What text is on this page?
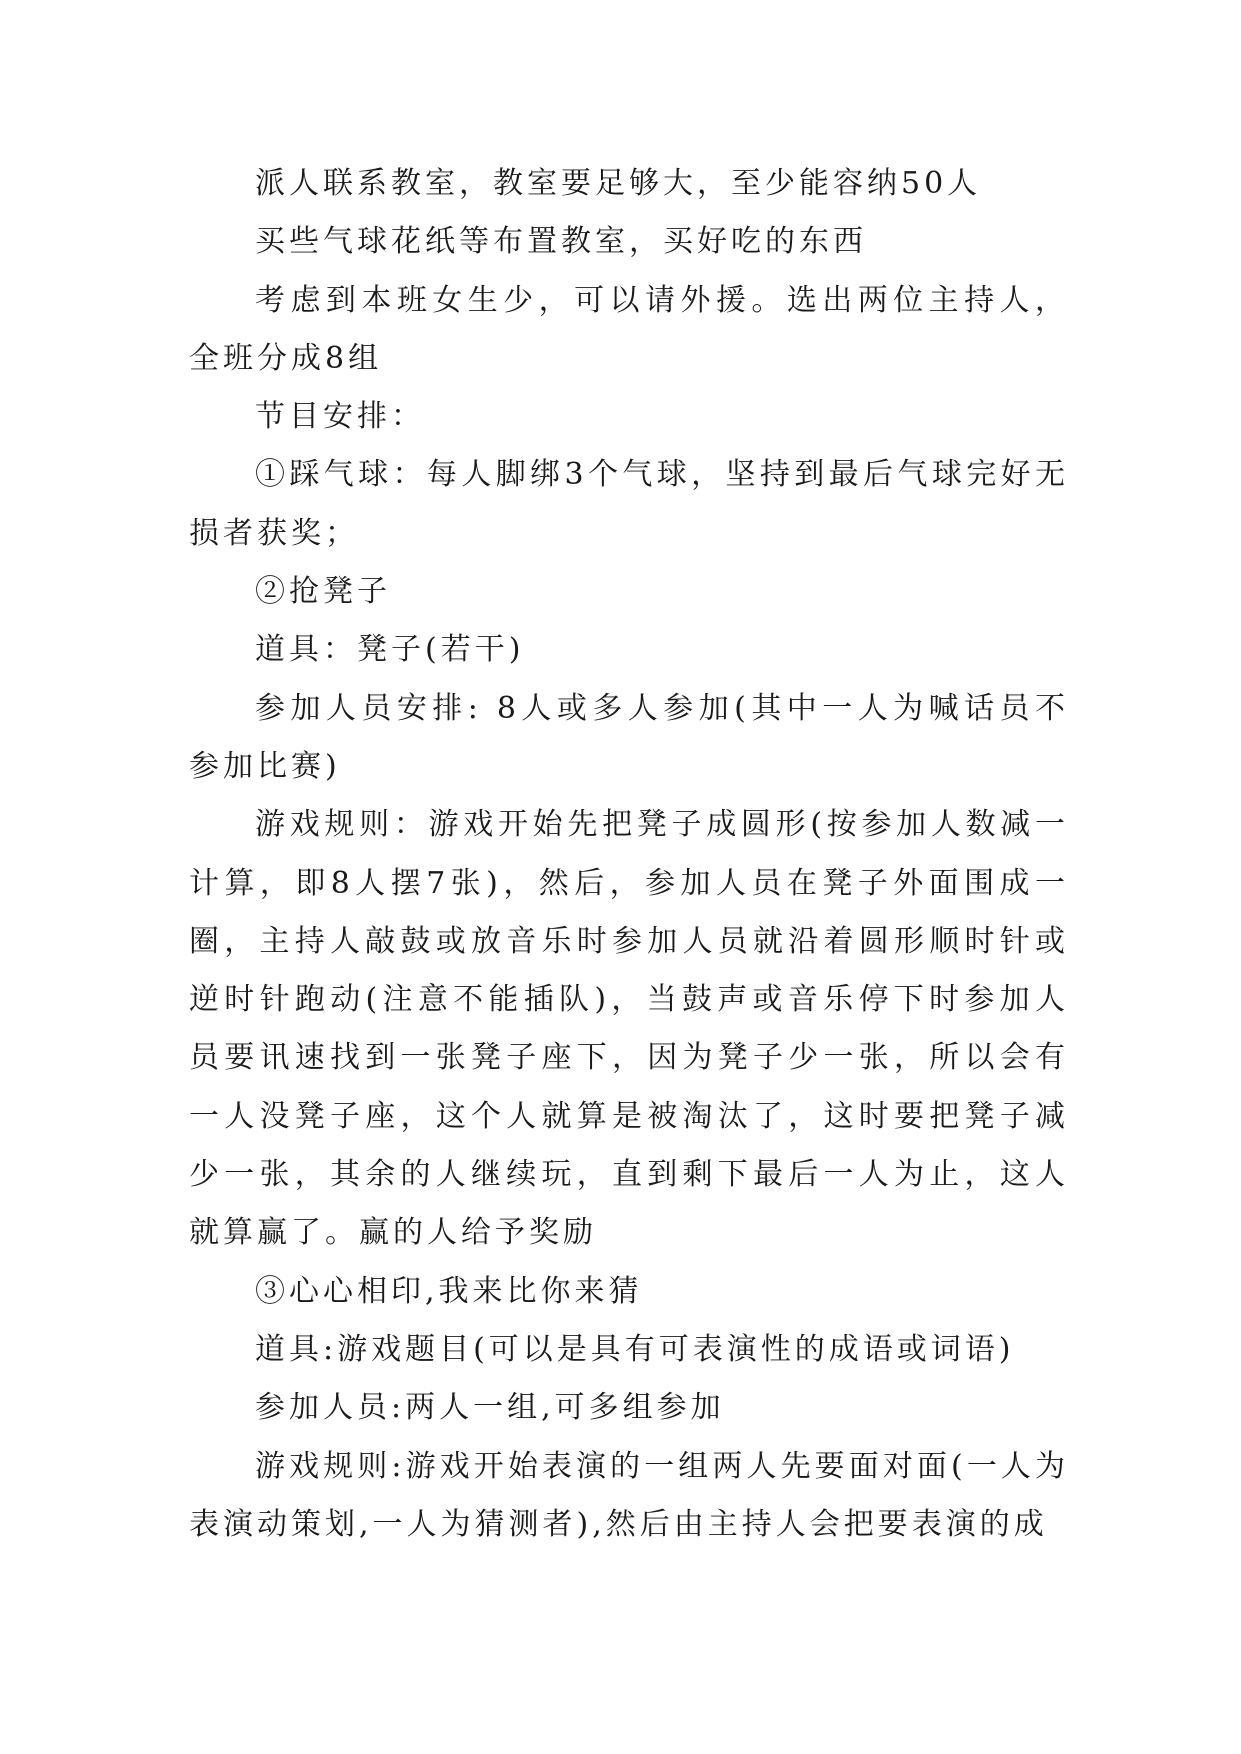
派人联系教室，教室要足够大，至少能容纳50人

买些气球花纸等布置教室，买好吃的东西

考虑到本班女生少，可以请外援。选出两位主持人，全班分成8组

节目安排：

①踩气球：每人脚绑3个气球，坚持到最后气球完好无损者获奖；

②抢凳子

道具：凳子(若干)

参加人员安排: 8人或多人参加(其中一人为喊话员不参加比赛)

游戏规则：游戏开始先把凳子成圆形(按参加人数减一计算，即8人摆7张)，然后，参加人员在凳子外面围成一圈，主持人敲鼓或放音乐时参加人员就沿着圆形顺时针或逆时针跑动(注意不能插队)，当鼓声或音乐停下时参加人员要讯速找到一张凳子座下，因为凳子少一张，所以会有一人没凳子座，这个人就算是被淘汰了，这时要把凳子减少一张，其余的人继续玩，直到剩下最后一人为止，这人就算赢了。赢的人给予奖励

③心心相印,我来比你来猜

道具:游戏题目(可以是具有可表演性的成语或词语)

参加人员:两人一组,可多组参加

游戏规则:游戏开始表演的一组两人先要面对面(一人为表演动策划,一人为猜测者),然后由主持人会把要表演的成
